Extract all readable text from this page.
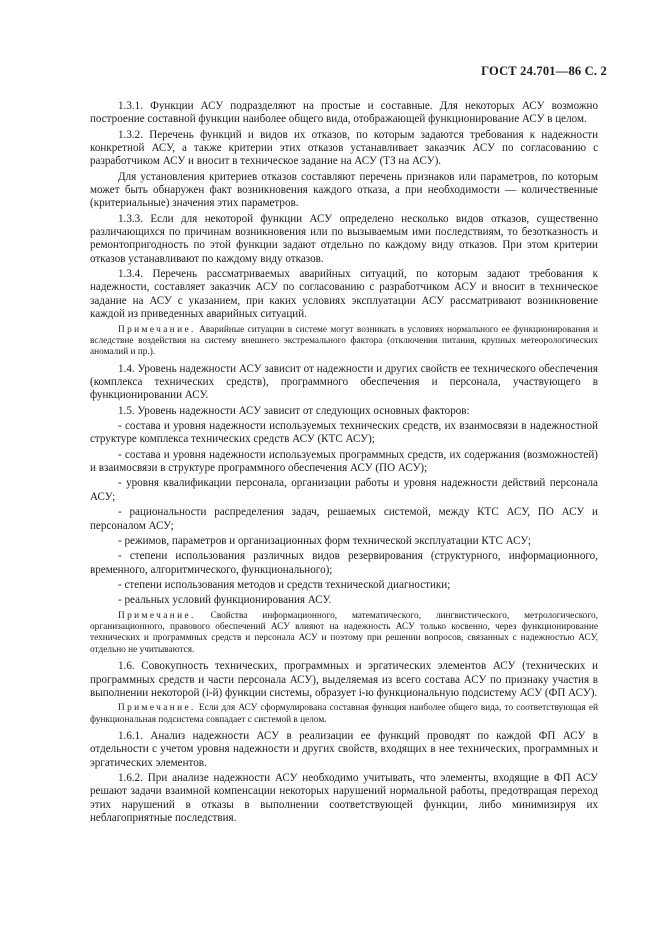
ГОСТ 24.701—86 С. 2

1.3.1. Функции АСУ подразделяют на простые и составные. Для некоторых АСУ возможно построение составной функции наиболее общего вида, отображающей функционирование АСУ в целом.

1.3.2. Перечень функций и видов их отказов, по которым задаются требования к надежности конкретной АСУ, а также критерии этих отказов устанавливает заказчик АСУ по согласованию с разработчиком АСУ и вносит в техническое задание на АСУ (ТЗ на АСУ).

Для установления критериев отказов составляют перечень признаков или параметров, по которым может быть обнаружен факт возникновения каждого отказа, а при необходимости — количественные (критериальные) значения этих параметров.

1.3.3. Если для некоторой функции АСУ определено несколько видов отказов, существенно различающихся по причинам возникновения или по вызываемым ими последствиям, то безотказность и ремонтопригодность по этой функции задают отдельно по каждому виду отказов. При этом критерии отказов устанавливают по каждому виду отказов.

1.3.4. Перечень рассматриваемых аварийных ситуаций, по которым задают требования к надежности, составляет заказчик АСУ по согласованию с разработчиком АСУ и вносит в техническое задание на АСУ с указанием, при каких условиях эксплуатации АСУ рассматривают возникновение каждой из приведенных аварийных ситуаций.

Примечание. Аварийные ситуации в системе могут возникать в условиях нормального ее функционирования и вследствие воздействия на систему внешнего экстремального фактора (отключения питания, крупных метеорологических аномалий и пр.).

1.4. Уровень надежности АСУ зависит от надежности и других свойств ее технического обеспечения (комплекса технических средств), программного обеспечения и персонала, участвующего в функционировании АСУ.

1.5. Уровень надежности АСУ зависит от следующих основных факторов:

- состава и уровня надежности используемых технических средств, их взаимосвязи в надежностной структуре комплекса технических средств АСУ (КТС АСУ);

- состава и уровня надежности используемых программных средств, их содержания (возможностей) и взаимосвязи в структуре программного обеспечения АСУ (ПО АСУ);

- уровня квалификации персонала, организации работы и уровня надежности действий персонала АСУ;

- рациональности распределения задач, решаемых системой, между КТС АСУ, ПО АСУ и персоналом АСУ;

- режимов, параметров и организационных форм технической эксплуатации КТС АСУ;

- степени использования различных видов резервирования (структурного, информационного, временного, алгоритмического, функционального);

- степени использования методов и средств технической диагностики;

- реальных условий функционирования АСУ.

Примечание. Свойства информационного, математического, лингвистического, метрологического, организационного, правового обеспечений АСУ влияют на надежность АСУ только косвенно, через функционирование технических и программных средств и персонала АСУ и поэтому при решении вопросов, связанных с надежностью АСУ, отдельно не учитываются.

1.6. Совокупность технических, программных и эргатических элементов АСУ (технических и программных средств и части персонала АСУ), выделяемая из всего состава АСУ по признаку участия в выполнении некоторой (i-й) функции системы, образует i-ю функциональную подсистему АСУ (ФП АСУ).

Примечание. Если для АСУ сформулирована составная функция наиболее общего вида, то соответствующая ей функциональная подсистема совпадает с системой в целом.

1.6.1. Анализ надежности АСУ в реализации ее функций проводят по каждой ФП АСУ в отдельности с учетом уровня надежности и других свойств, входящих в нее технических, программных и эргатических элементов.

1.6.2. При анализе надежности АСУ необходимо учитывать, что элементы, входящие в ФП АСУ решают задачи взаимной компенсации некоторых нарушений нормальной работы, предотвращая переход этих нарушений в отказы в выполнении соответствующей функции, либо минимизируя их неблагоприятные последствия.
